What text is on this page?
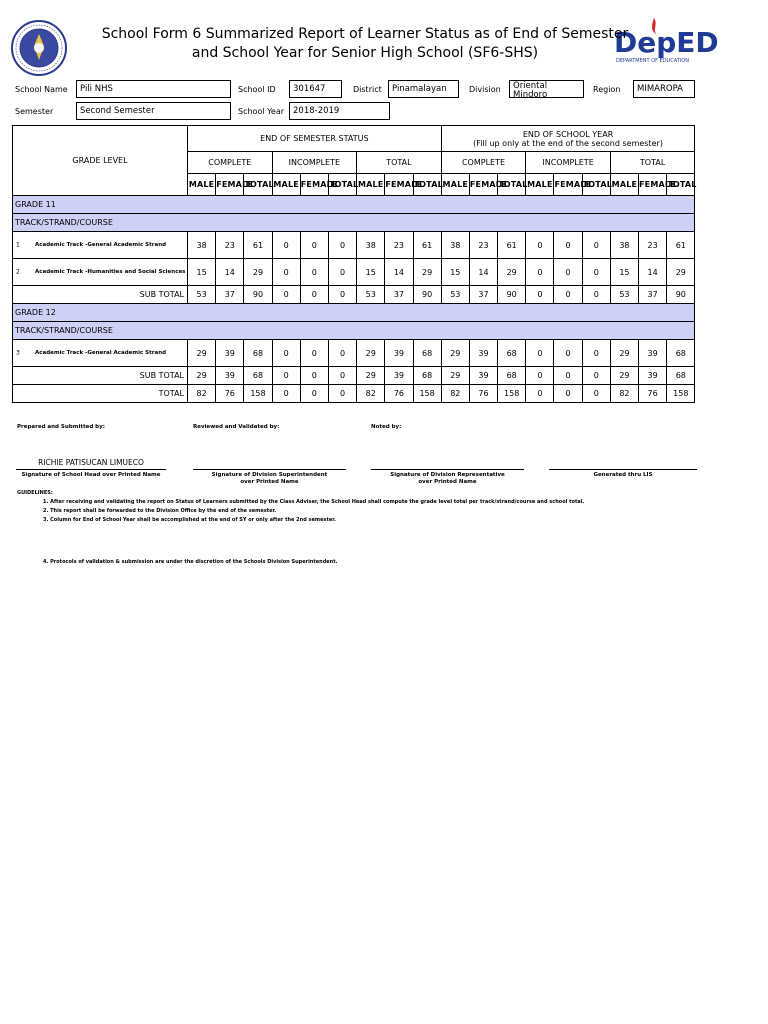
DepED
DEPARTMENT OF EDUCATION
School Form 6 Summarized Report of Learner Status as of End of Semester
and School Year for Senior High School (SF6-SHS)
School Name	Pili NHS	School ID	301647	District	Pinamalayan	Division	Oriental Mindoro
Region	MIMAROPA
Semester	Second Semester	School Year	2018-2019
GRADE LEVEL	END OF SEMESTER STATUS									END OF SCHOOL YEAR
(Fill up only at the end of the second semester)								

	COMPLETE			INCOMPLETE			TOTAL			COMPLETE			INCOMPLETE			TOTAL		
	MALE	FEMALE	TOTAL	MALE	FEMALE	TOTAL	MALE	FEMALE	TOTAL	MALE	FEMALE	TOTAL	MALE	FEMALE	TOTAL	MALE	FEMALE	TOTAL
GRADE 11																		
TRACK/STRAND/COURSE																		

1 Academic Track -General Academic Strand	38	23	61	0	0	0	38	23	61	38	23	61	0	0	0	38	23	61

2 Academic Track -Humanities and Social Sciences	15	14	29	0	0	0	15	14	29	15	14	29	0	0	0	15	14	29
SUB TOTAL	53	37	90	0	0	0	53	37	90	53	37	90	0	0	0	53	37	90
GRADE 12																		
TRACK/STRAND/COURSE																		

3 Academic Track -General Academic Strand	29	39	68	0	0	0	29	39	68	29	39	68	0	0	0	29	39	68
SUB TOTAL	29	39	68	0	0	0	29	39	68	29	39	68	0	0	0	29	39	68
TOTAL	82	76	158	0	0	0	82	76	158	82	76	158	0	0	0	82	76	158
Prepared and Submitted by:	Reviewed and Validated by:	Noted by:
RICHIE PATISUCAN LIMUECO
Signature of School Head over Printed Name	Signature of Division Superintendent
over Printed Name
Signature of Division Representative
over Printed Name
Generated thru LIS
GUIDELINES:
1. After receiving and validating the report on Status of Learners submitted by the Class Adviser, the School Head shall compute the grade level total per track/strand/course and school total.
2. This report shall be forwarded to the Division Office by the end of the semester.
3. Column for End of School Year shall be accomplished at the end of SY or only after the 2nd semester.
4. Protocols of validation & submission are under the discretion of the Schools Division Superintendent.
